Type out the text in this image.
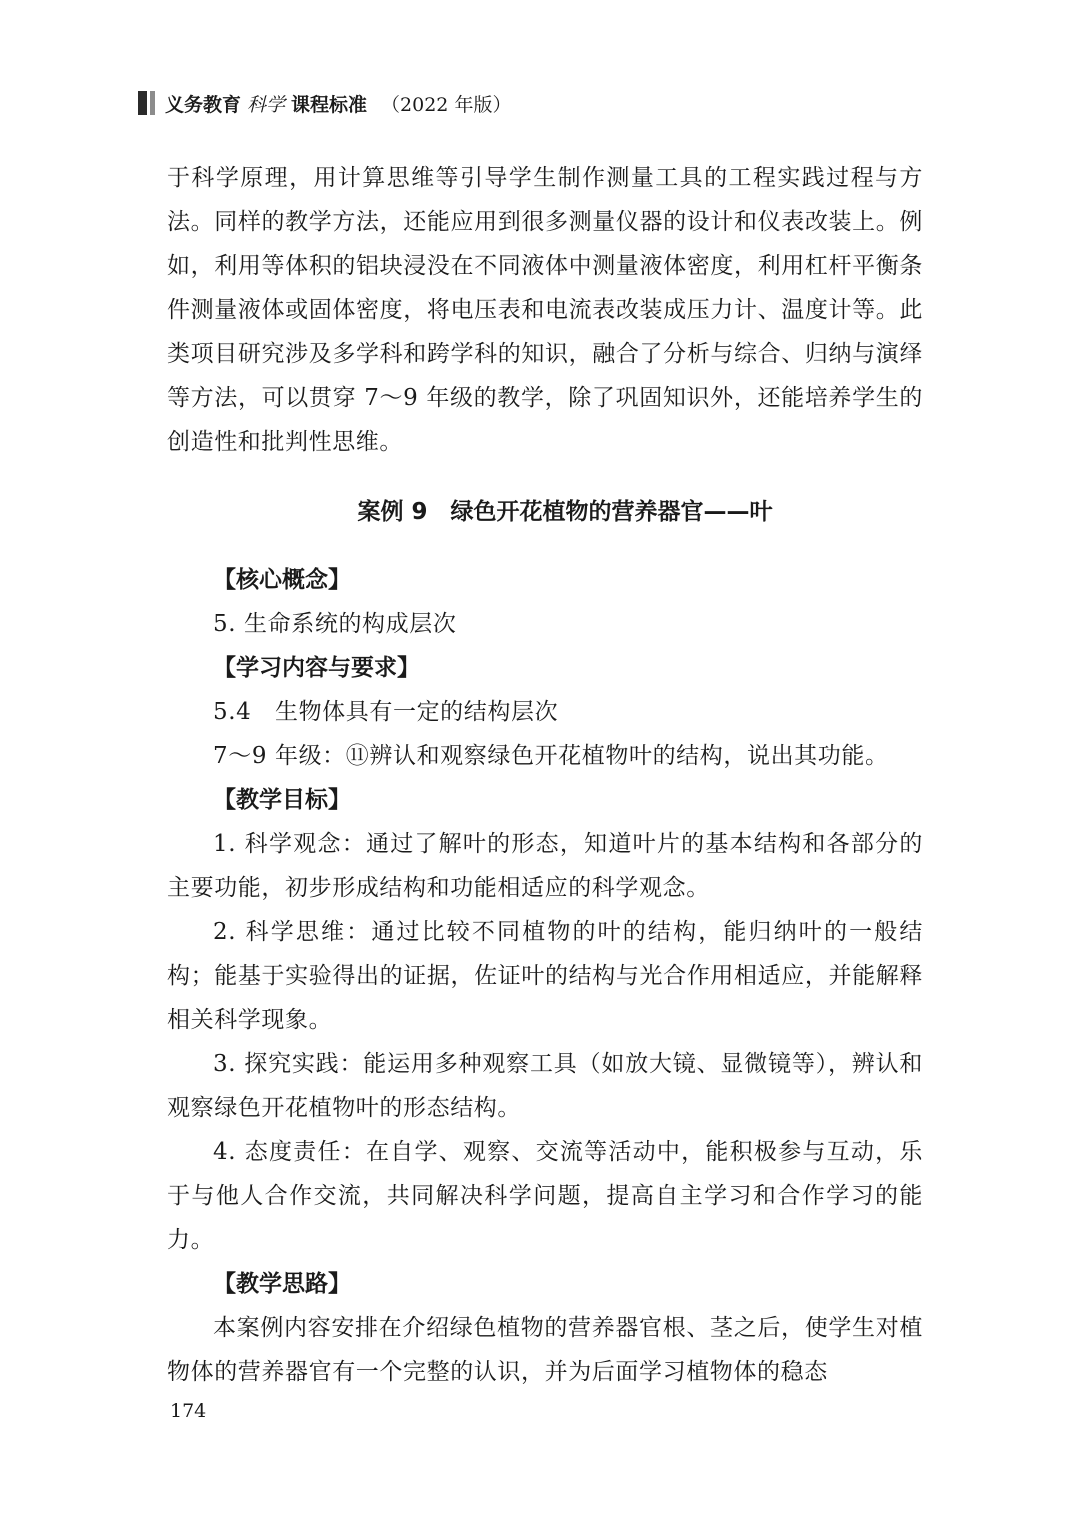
义务教育 科学 课程标准 （2022 年版）

于科学原理，用计算思维等引导学生制作测量工具的工程实践过程与方法。同样的教学方法，还能应用到很多测量仪器的设计和仪表改装上。例如，利用等体积的铝块浸没在不同液体中测量液体密度，利用杠杆平衡条件测量液体或固体密度，将电压表和电流表改装成压力计、温度计等。此类项目研究涉及多学科和跨学科的知识，融合了分析与综合、归纳与演绎等方法，可以贯穿 7～9 年级的教学，除了巩固知识外，还能培养学生的创造性和批判性思维。

案例 9　绿色开花植物的营养器官——叶

【核心概念】

5. 生命系统的构成层次

【学习内容与要求】

5.4　生物体具有一定的结构层次

7～9 年级：⑪辨认和观察绿色开花植物叶的结构，说出其功能。

【教学目标】

1. 科学观念：通过了解叶的形态，知道叶片的基本结构和各部分的主要功能，初步形成结构和功能相适应的科学观念。

2. 科学思维：通过比较不同植物的叶的结构，能归纳叶的一般结构；能基于实验得出的证据，佐证叶的结构与光合作用相适应，并能解释相关科学现象。

3. 探究实践：能运用多种观察工具（如放大镜、显微镜等），辨认和观察绿色开花植物叶的形态结构。

4. 态度责任：在自学、观察、交流等活动中，能积极参与互动，乐于与他人合作交流，共同解决科学问题，提高自主学习和合作学习的能力。

【教学思路】

本案例内容安排在介绍绿色植物的营养器官根、茎之后，使学生对植物体的营养器官有一个完整的认识，并为后面学习植物体的稳态

174
